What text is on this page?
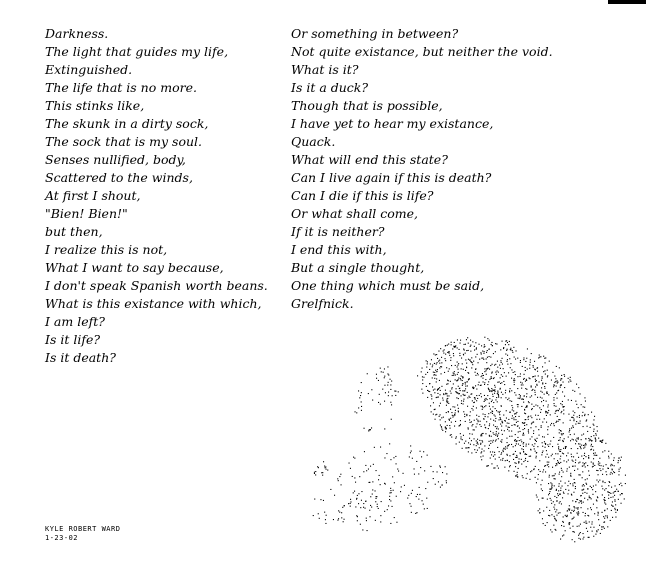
Darkness.
The light that guides my life,
Extinguished.
The life that is no more.
This stinks like,
The skunk in a dirty sock,
The sock that is my soul.
Senses nullified, body,
Scattered to the winds,
At first I shout,
"Bien! Bien!"
but then,
I realize this is not,
What I want to say because,
I don't speak Spanish worth beans.
What is this existance with which,
I am left?
Is it life?
Is it death?
Or something in between?
Not quite existance, but neither the void.
What is it?
Is it a duck?
Though that is possible,
I have yet to hear my existance,
Quack.
What will end this state?
Can I live again if this is death?
Can I die if this is life?
Or what shall come,
If it is neither?
I end this with,
But a single thought,
One thing which must be said,
Grelfnick.
KYLE ROBERT WARD
1-23-02
